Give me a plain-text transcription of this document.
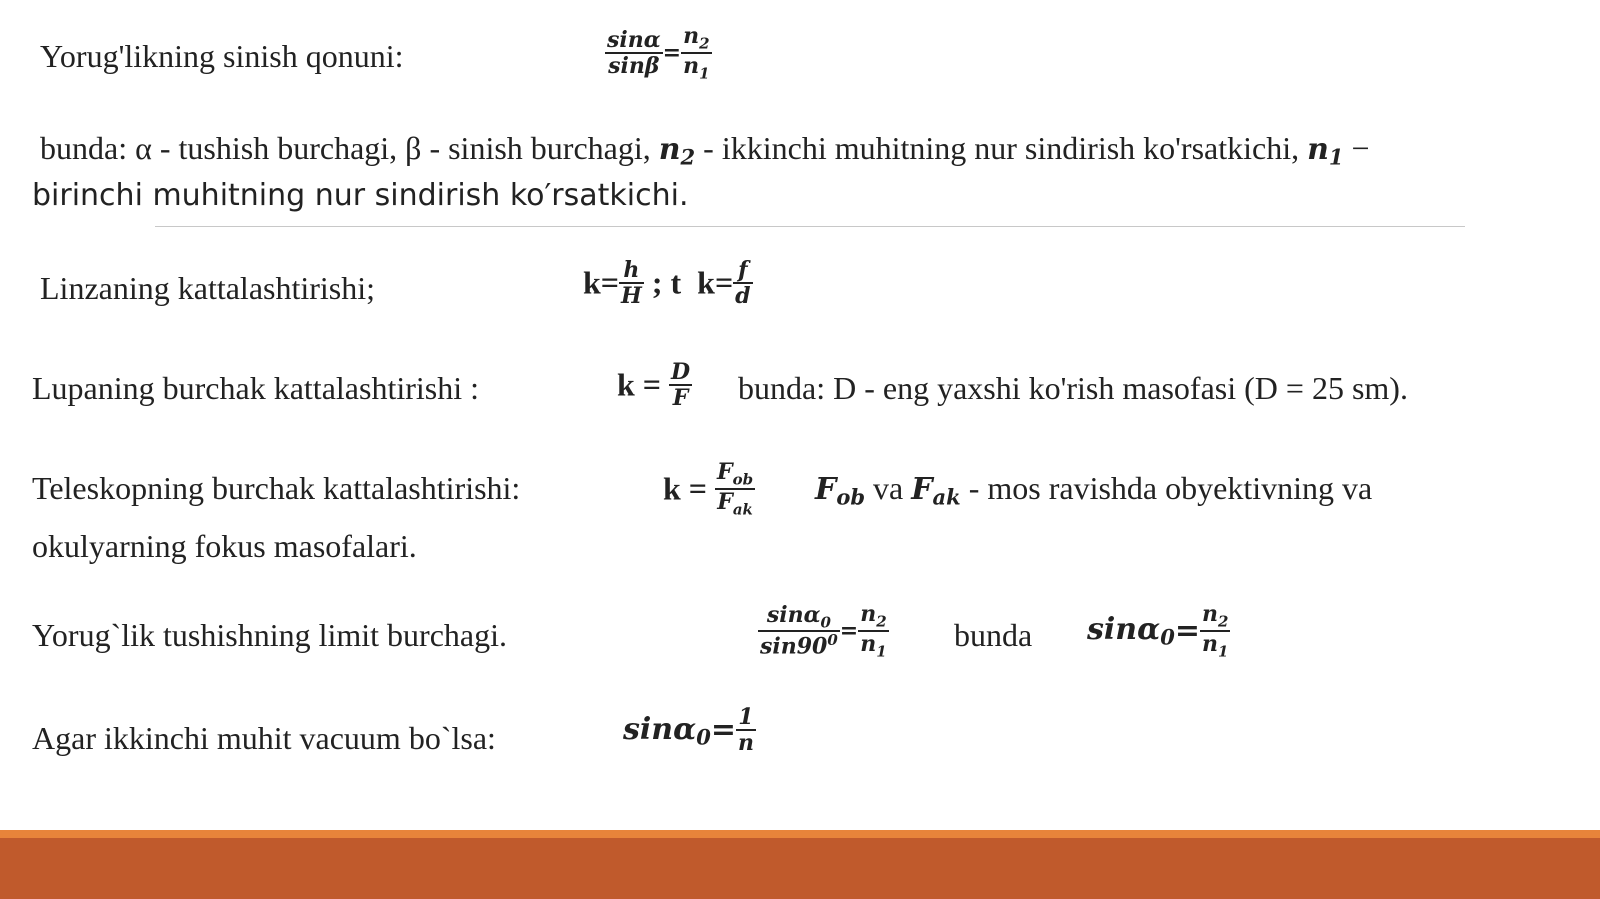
Yorug'likning sinish qonuni:	$\frac{\sin\alpha}{\sin\beta} = \frac{n_2}{n_1}$
bunda: α - tushish burchagi, β - sinish burchagi, n2 - ikkinchi muhitning nur sindirish ko'rsatkichi, n1 −
birinchi muhitning nur sindirish ko′rsatkichi.
Linzaning kattalashtirishi;	$k= \frac{h}{H}$ ; t  $k= \frac{f}{d}$
Lupaning burchak kattalashtirishi :	$k = \frac{D}{F}$ bunda: D - eng yaxshi ko'rish masofasi (D = 25 sm).
Teleskopning burchak kattalashtirishi:	$k = \frac{F_{ob}}{F_{ak}}$ Fob va Fak - mos ravishda obyektivning va
okulyarning fokus masofalari.
Yorug`lik tushishning limit burchagi.	$\frac{\sin\alpha_0}{\sin 90^0} = \frac{n_2}{n_1}$ bunda $\sin\alpha 0= \frac{n_2}{n_1}$
Agar ikkinchi muhit vacuum bo`lsa:	$\sin\alpha 0= \frac{1}{n}$
